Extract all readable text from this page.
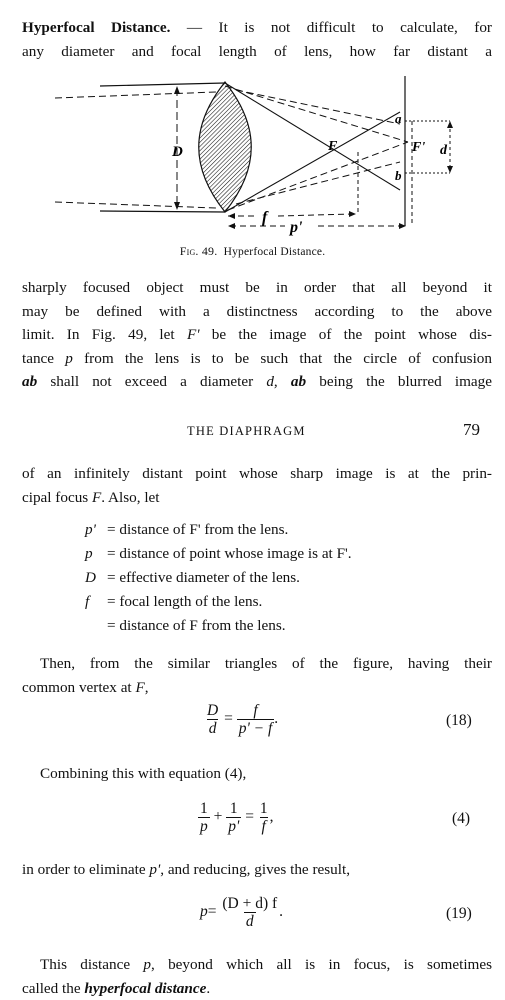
Hyperfocal Distance. — It is not difficult to calculate, for
any diameter and focal length of lens, how far distant a
D	d
a
b
F	F'
f
p'
Fig. 49. Hyperfocal Distance.
sharply focused object must be in order that all beyond it
may be defined with a distinctness according to the above
limit. In Fig. 49, let F' be the image of the point whose dis-
tance p from the lens is to be such that the circle of confusion
ab shall not exceed a diameter d, ab being the blurred image
THE DIAPHRAGM	79
of an infinitely distant point whose sharp image is at the prin-
cipal focus F. Also, let
p' = distance of F' from the lens.
p = distance of point whose image is at F'.
D = effective diameter of the lens.
f	= focal length of the lens.
= distance of F from the lens.
Then, from the similar triangles of the figure, having their
common vertex at F,
$\frac{D}{d} = \frac{f}{p' - f}$ .	(18)
Combining this with equation (4),
$\frac{1}{p} + \frac{1}{p'} = \frac{1}{f}$ ,	(4)
in order to eliminate p', and reducing, gives the result,
$p= \frac{(D + d) f}{d}$ .	(19)
This distance p, beyond which all is in focus, is sometimes
called the hyperfocal distance.
